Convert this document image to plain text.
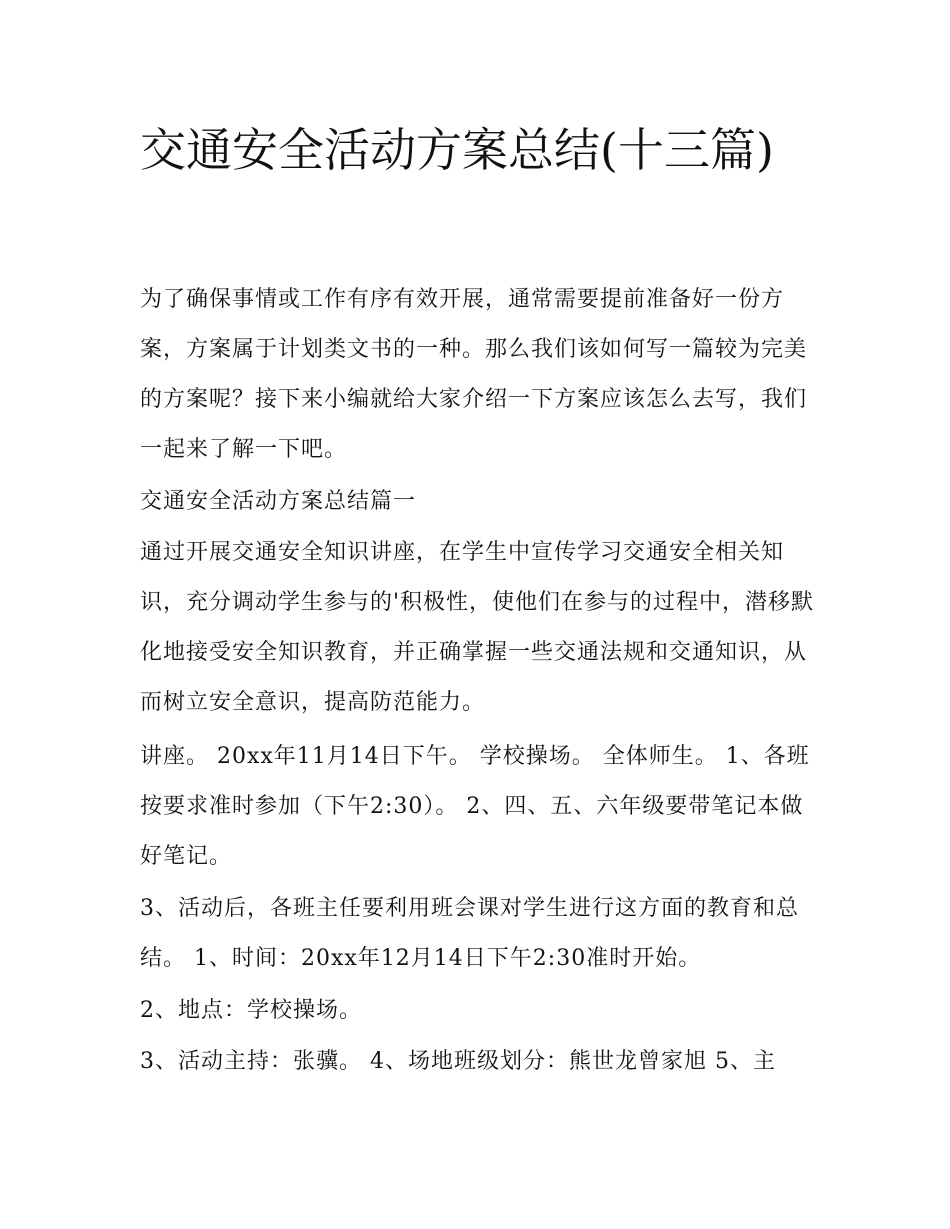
交通安全活动方案总结(十三篇)

为了确保事情或工作有序有效开展，通常需要提前准备好一份方案，方案属于计划类文书的一种。那么我们该如何写一篇较为完美的方案呢？接下来小编就给大家介绍一下方案应该怎么去写，我们一起来了解一下吧。

交通安全活动方案总结篇一

通过开展交通安全知识讲座，在学生中宣传学习交通安全相关知识，充分调动学生参与的'积极性，使他们在参与的过程中，潜移默化地接受安全知识教育，并正确掌握一些交通法规和交通知识，从而树立安全意识，提高防范能力。

讲座。 20xx年11月14日下午。 学校操场。 全体师生。 1、各班按要求准时参加（下午2:30）。 2、四、五、六年级要带笔记本做好笔记。

3、活动后，各班主任要利用班会课对学生进行这方面的教育和总结。 1、时间：20xx年12月14日下午2:30准时开始。

2、地点：学校操场。

3、活动主持：张骥。 4、场地班级划分：熊世龙曾家旭 5、主
